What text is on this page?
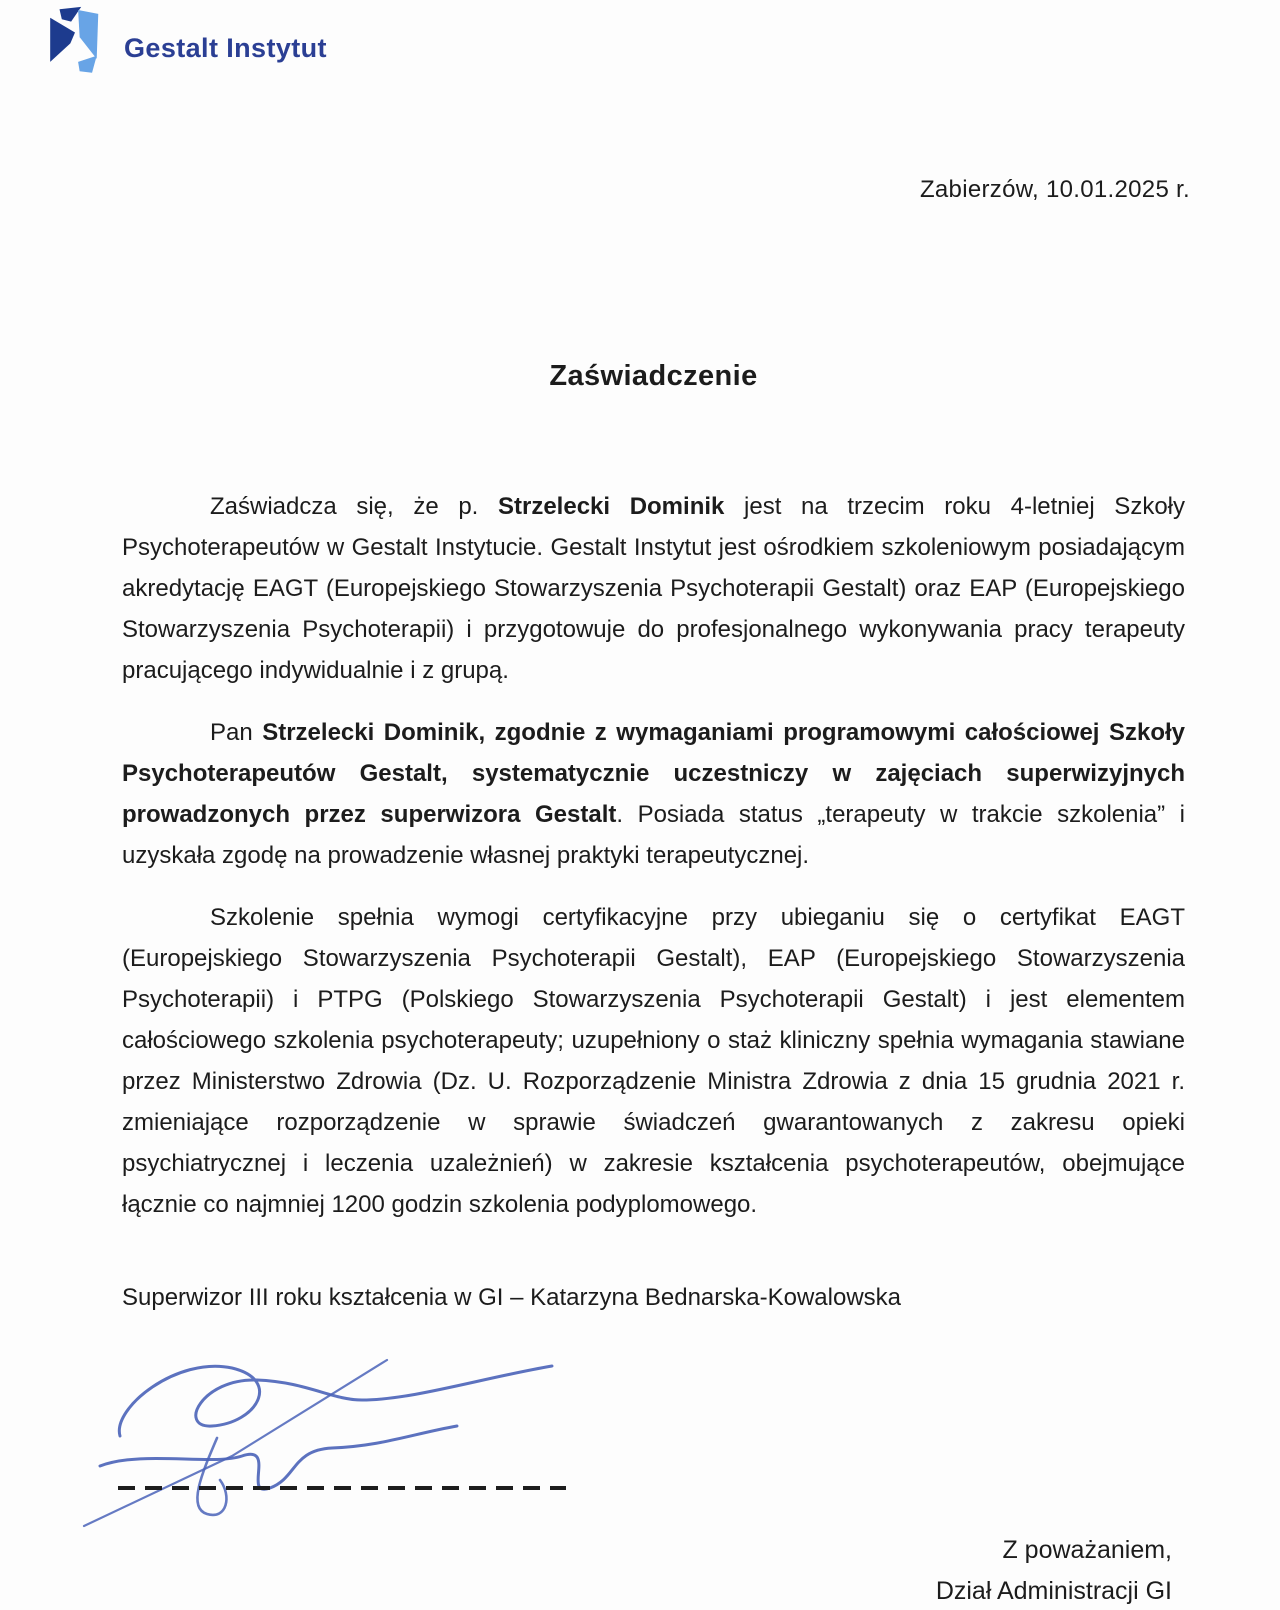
Gestalt Instytut
Zabierzów, 10.01.2025 r.
Zaświadczenie

Zaświadcza się, że p. Strzelecki Dominik jest na trzecim roku 4-letniej Szkoły Psychoterapeutów w Gestalt Instytucie. Gestalt Instytut jest ośrodkiem szkoleniowym posiadającym akredytację EAGT (Europejskiego Stowarzyszenia Psychoterapii Gestalt) oraz EAP (Europejskiego Stowarzyszenia Psychoterapii) i przygotowuje do profesjonalnego wykonywania pracy terapeuty pracującego indywidualnie i z grupą.

Pan Strzelecki Dominik, zgodnie z wymaganiami programowymi całościowej Szkoły Psychoterapeutów Gestalt, systematycznie uczestniczy w zajęciach superwizyjnych prowadzonych przez superwizora Gestalt. Posiada status „terapeuty w trakcie szkolenia” i uzyskała zgodę na prowadzenie własnej praktyki terapeutycznej.

Szkolenie spełnia wymogi certyfikacyjne przy ubieganiu się o certyfikat EAGT (Europejskiego Stowarzyszenia Psychoterapii Gestalt), EAP (Europejskiego Stowarzyszenia Psychoterapii) i PTPG (Polskiego Stowarzyszenia Psychoterapii Gestalt) i jest elementem całościowego szkolenia psychoterapeuty; uzupełniony o staż kliniczny spełnia wymagania stawiane przez Ministerstwo Zdrowia (Dz. U. Rozporządzenie Ministra Zdrowia z dnia 15 grudnia 2021 r. zmieniające rozporządzenie w sprawie świadczeń gwarantowanych z zakresu opieki psychiatrycznej i leczenia uzależnień) w zakresie kształcenia psychoterapeutów, obejmujące łącznie co najmniej 1200 godzin szkolenia podyplomowego.

Superwizor III roku kształcenia w GI – Katarzyna Bednarska-Kowalowska
Z poważaniem,
Dział Administracji GI
